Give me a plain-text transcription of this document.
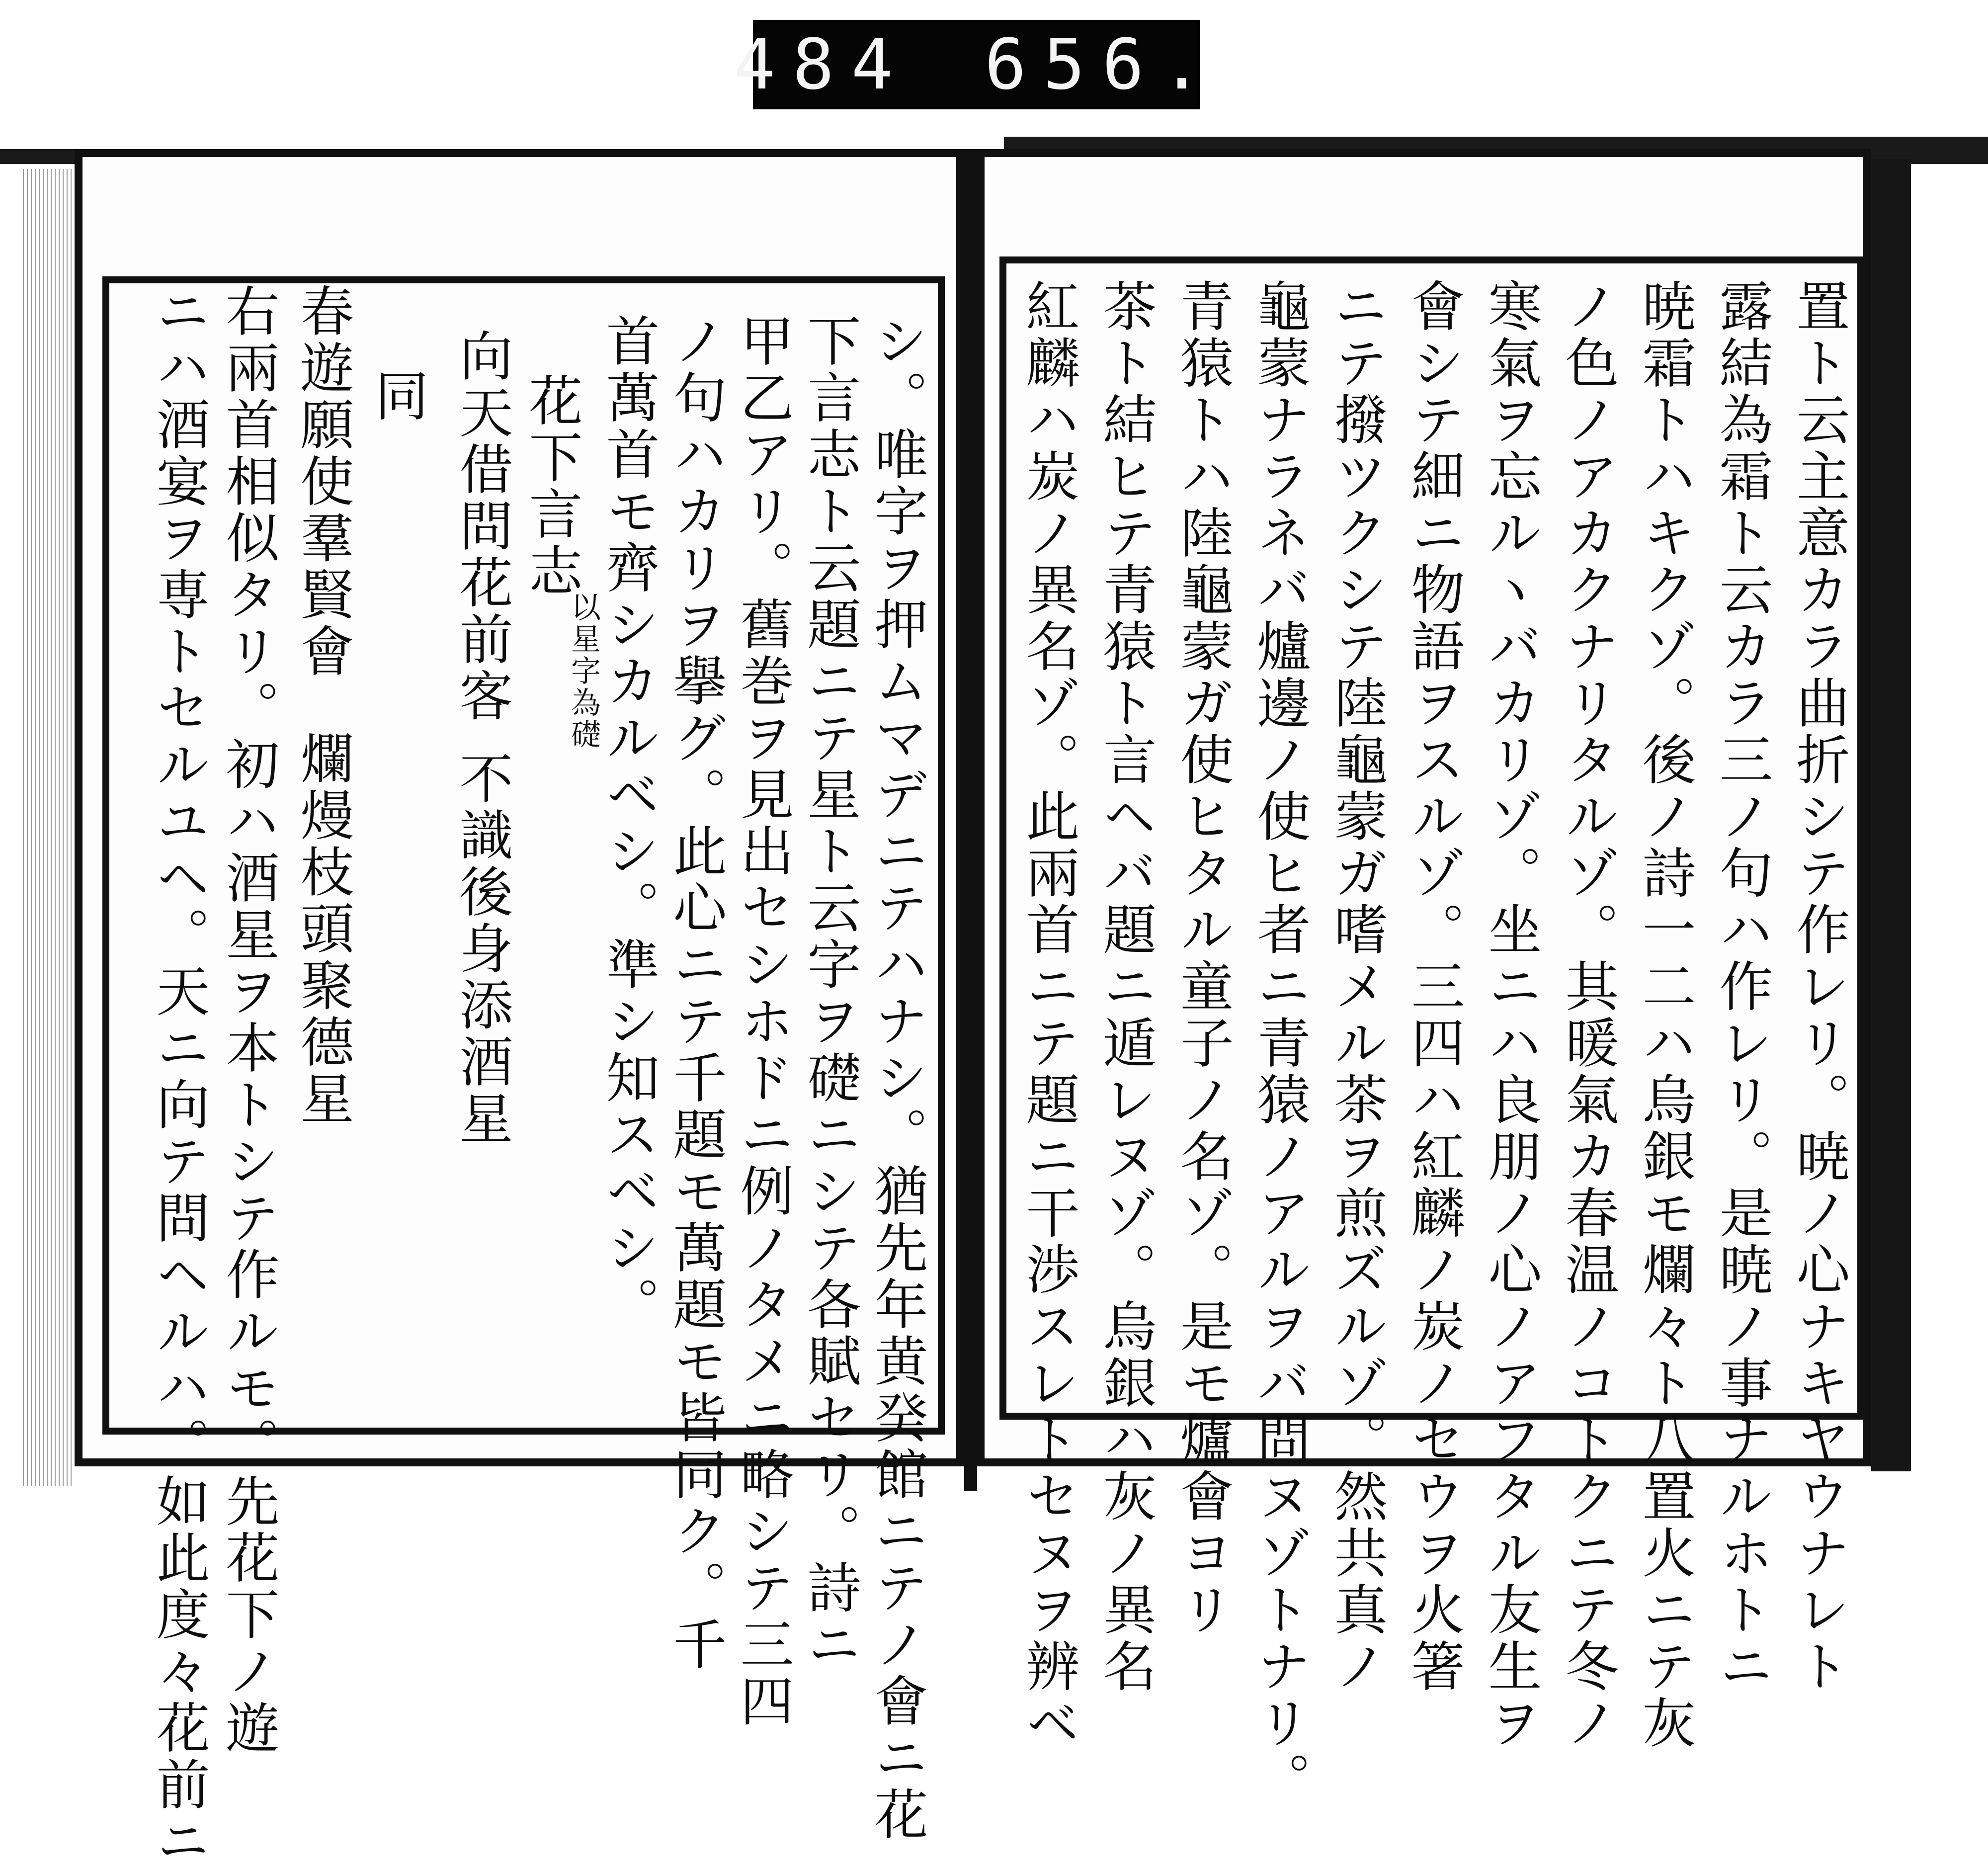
484 656.
シ。唯字ヲ押ムマデニテハナシ。猶先年黄癸館ニテノ會ニ花
下言志ト云題ニテ星ト云字ヲ礎ニシテ各賦セリ。詩ニ
甲乙アリ。舊巻ヲ見出セシホドニ例ノタメニ略シテ三四
ノ句ハカリヲ擧グ。此心ニテ千題モ萬題モ皆同ク。千
首萬首モ齊シカルベシ。準シ知スベシ。
花下言志
以星字為礎
向天借問花前客
不識後身添酒星
同
春遊願使羣賢會
爛熳枝頭聚德星
右兩首相似タリ。初ハ酒星ヲ本トシテ作ルモ。先花下ノ遊
ニハ酒宴ヲ専トセルユヘ。天ニ向テ問ヘルハ。如此度々花前ニ	置ト云主意カラ曲折シテ作レリ。暁ノ心ナキヤウナレト
露結為霜ト云カラ三ノ句ハ作レリ。是暁ノ事ナルホトニ
暁霜トハキクゾ。後ノ詩一二ハ烏銀モ爛々ト八置火ニテ灰
ノ色ノアカクナリタルゾ。其暖氣カ春温ノコトクニテ冬ノ
寒氣ヲ忘ルヽバカリゾ。坐ニハ良朋ノ心ノアフタル友生ヲ
會シテ細ニ物語ヲスルゾ。三四ハ紅麟ノ炭ノセウヲ火箸
ニテ撥ツクシテ陸龜蒙ガ嗜メル茶ヲ煎ズルゾ。然共真ノ
龜蒙ナラネバ爐邊ノ使ヒ者ニ青猿ノアルヲバ問ヌゾトナリ。
青猿トハ陸龜蒙ガ使ヒタル童子ノ名ゾ。是モ爐會ヨリ
茶ト結ヒテ青猿ト言ヘバ題ニ遁レヌゾ。烏銀ハ灰ノ異名
紅麟ハ炭ノ異名ゾ。此兩首ニテ題ニ干渉スレトセヌヲ辨ベ
